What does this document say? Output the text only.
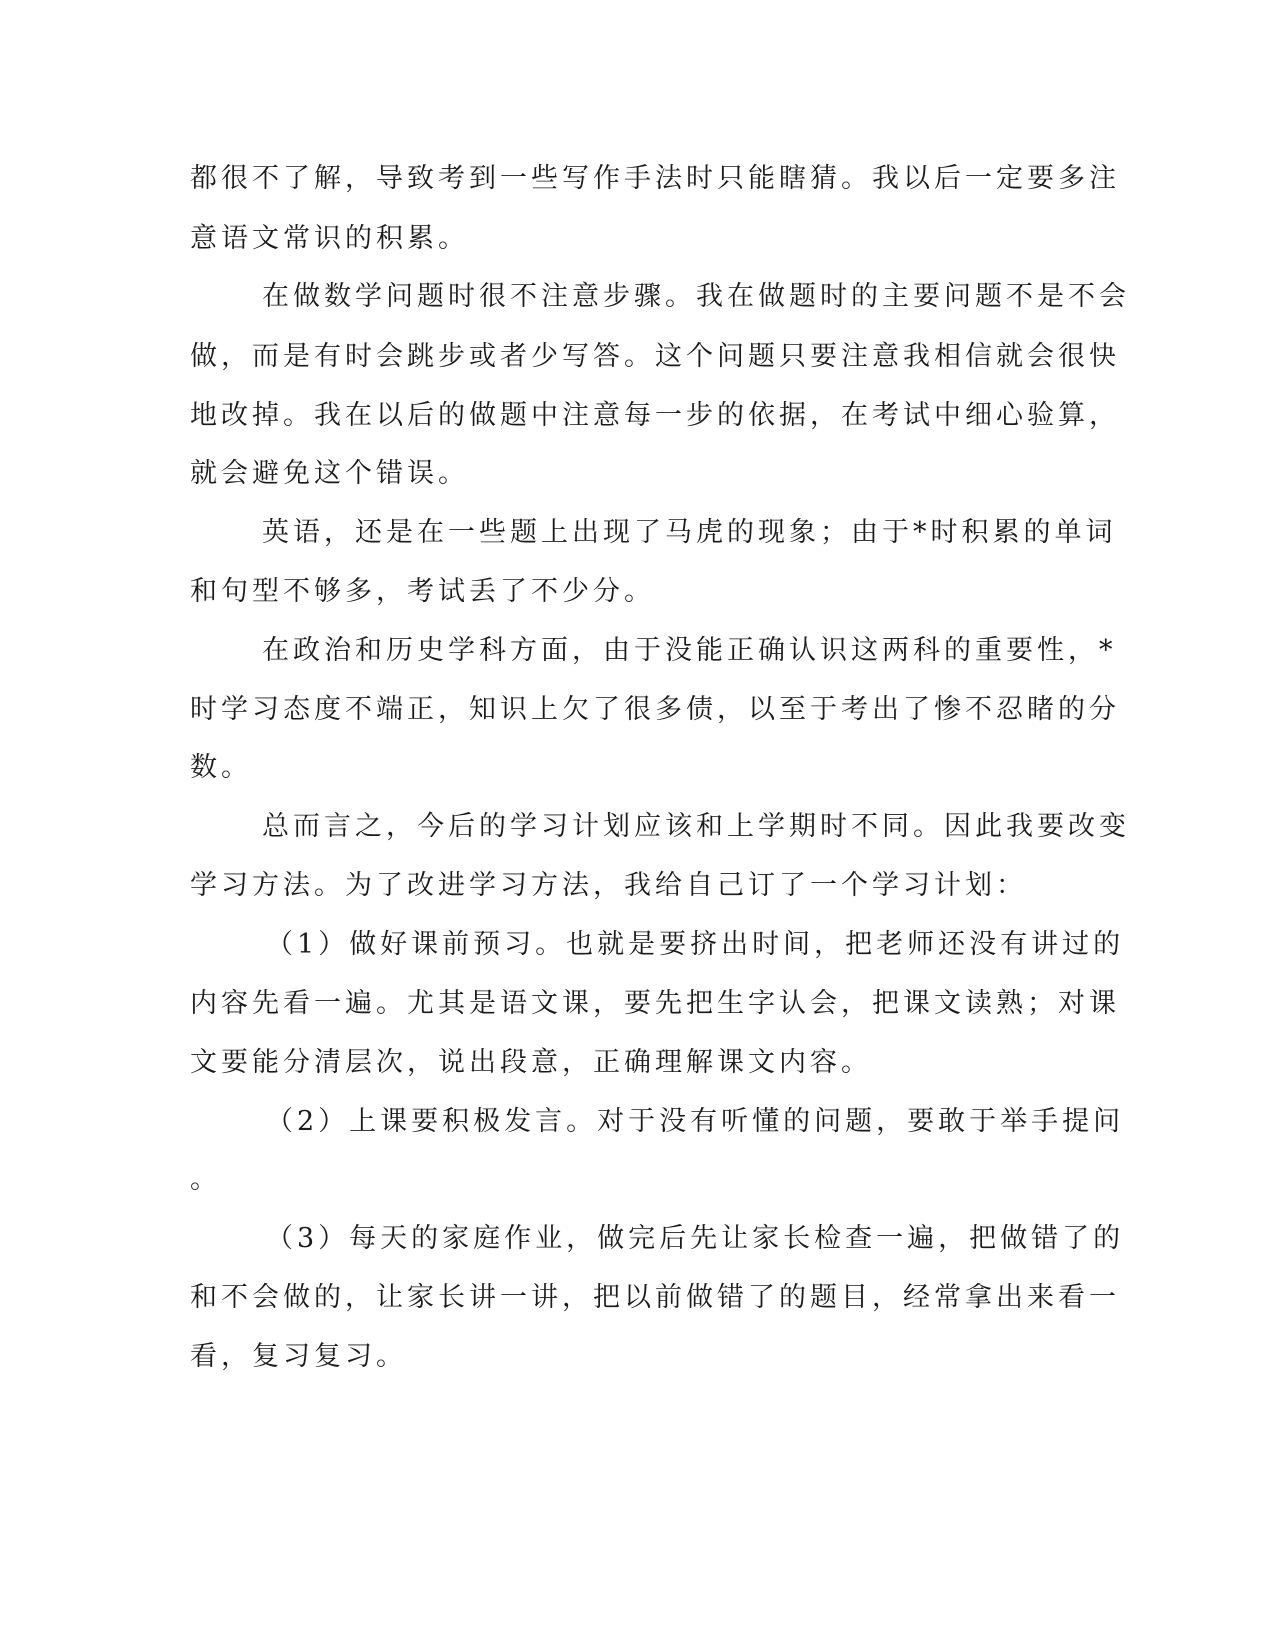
都很不了解，导致考到一些写作手法时只能瞎猜。我以后一定要多注
意语文常识的积累。
在做数学问题时很不注意步骤。我在做题时的主要问题不是不会
做，而是有时会跳步或者少写答。这个问题只要注意我相信就会很快
地改掉。我在以后的做题中注意每一步的依据，在考试中细心验算，
就会避免这个错误。
英语，还是在一些题上出现了马虎的现象；由于*时积累的单词
和句型不够多，考试丢了不少分。
在政治和历史学科方面，由于没能正确认识这两科的重要性，*
时学习态度不端正，知识上欠了很多债，以至于考出了惨不忍睹的分
数。
总而言之，今后的学习计划应该和上学期时不同。因此我要改变
学习方法。为了改进学习方法，我给自己订了一个学习计划：
（1）做好课前预习。也就是要挤出时间，把老师还没有讲过的
内容先看一遍。尤其是语文课，要先把生字认会，把课文读熟；对课
文要能分清层次，说出段意，正确理解课文内容。
（2）上课要积极发言。对于没有听懂的问题，要敢于举手提问
。
（3）每天的家庭作业，做完后先让家长检查一遍，把做错了的
和不会做的，让家长讲一讲，把以前做错了的题目，经常拿出来看一
看，复习复习。
